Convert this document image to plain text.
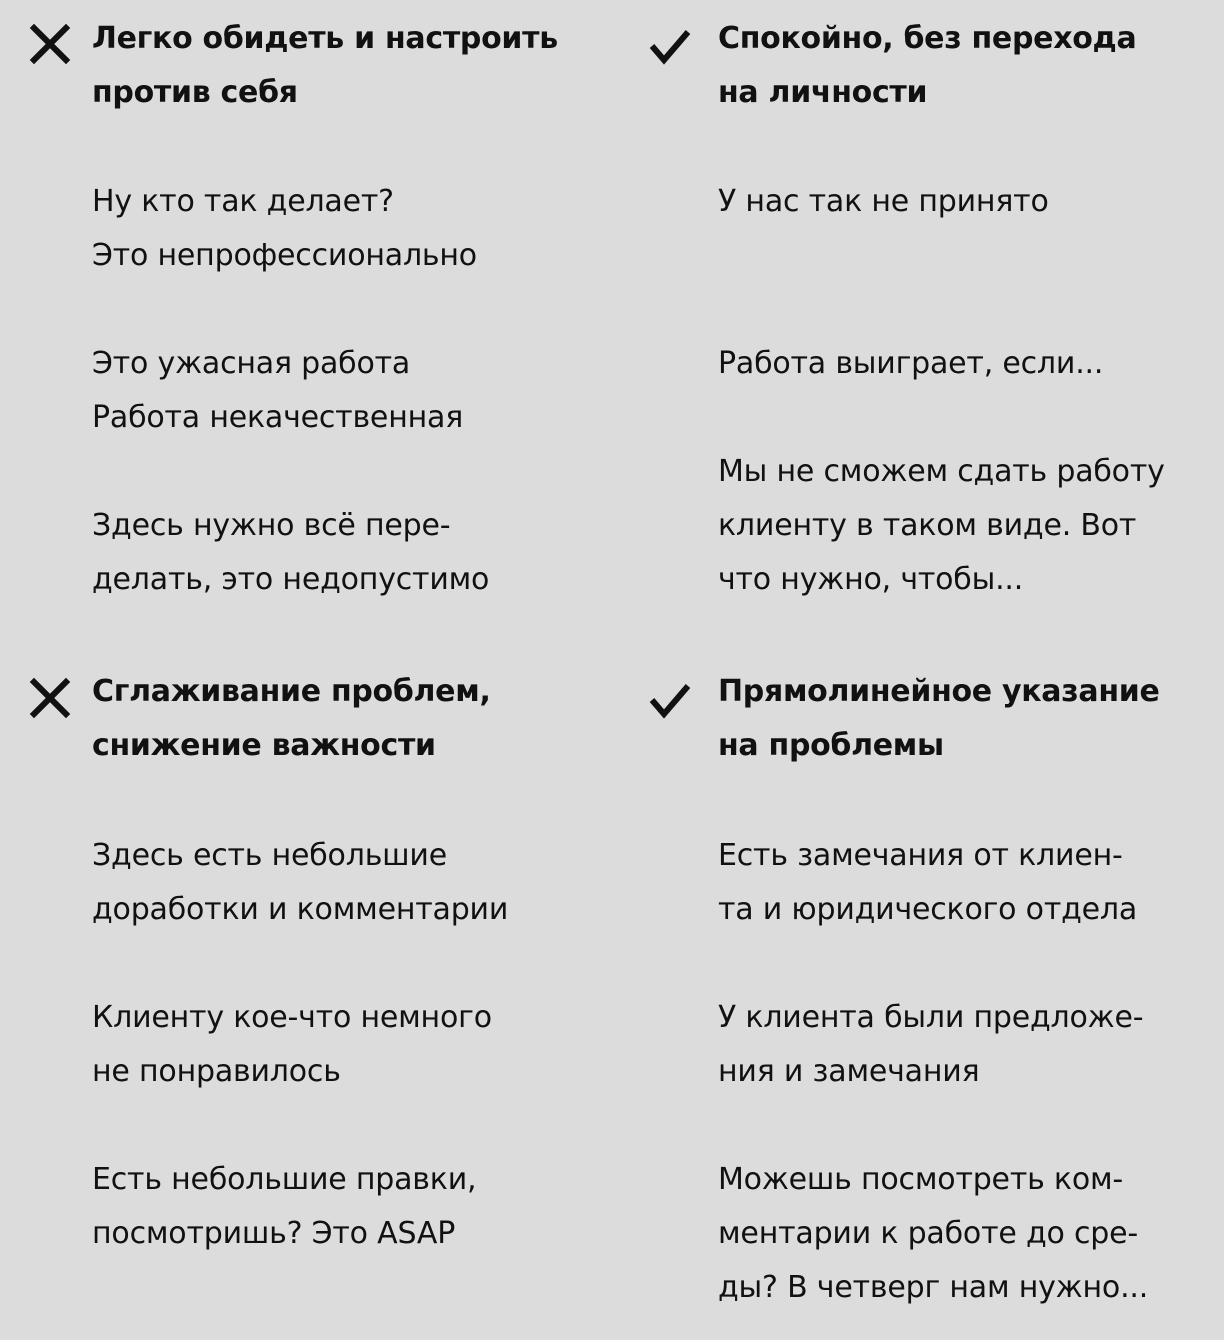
Легко обидеть и настроить
против себя

Спокойно, без перехода
на личности

Ну кто так делает?
Это непрофессионально

Это ужасная работа
Работа некачественная

Здесь нужно всё пере-
делать, это недопустимо

У нас так не принято

Работа выиграет, если...

Мы не сможем сдать работу
клиенту в таком виде. Вот
что нужно, чтобы...

Сглаживание проблем,
снижение важности

Прямолинейное указание
на проблемы

Здесь есть небольшие
доработки и комментарии

Клиенту кое-что немного
не понравилось

Есть небольшие правки,
посмотришь? Это ASAP

Есть замечания от клиен-
та и юридического отдела

У клиента были предложе-
ния и замечания

Можешь посмотреть ком-
ментарии к работе до сре-
ды? В четверг нам нужно...
